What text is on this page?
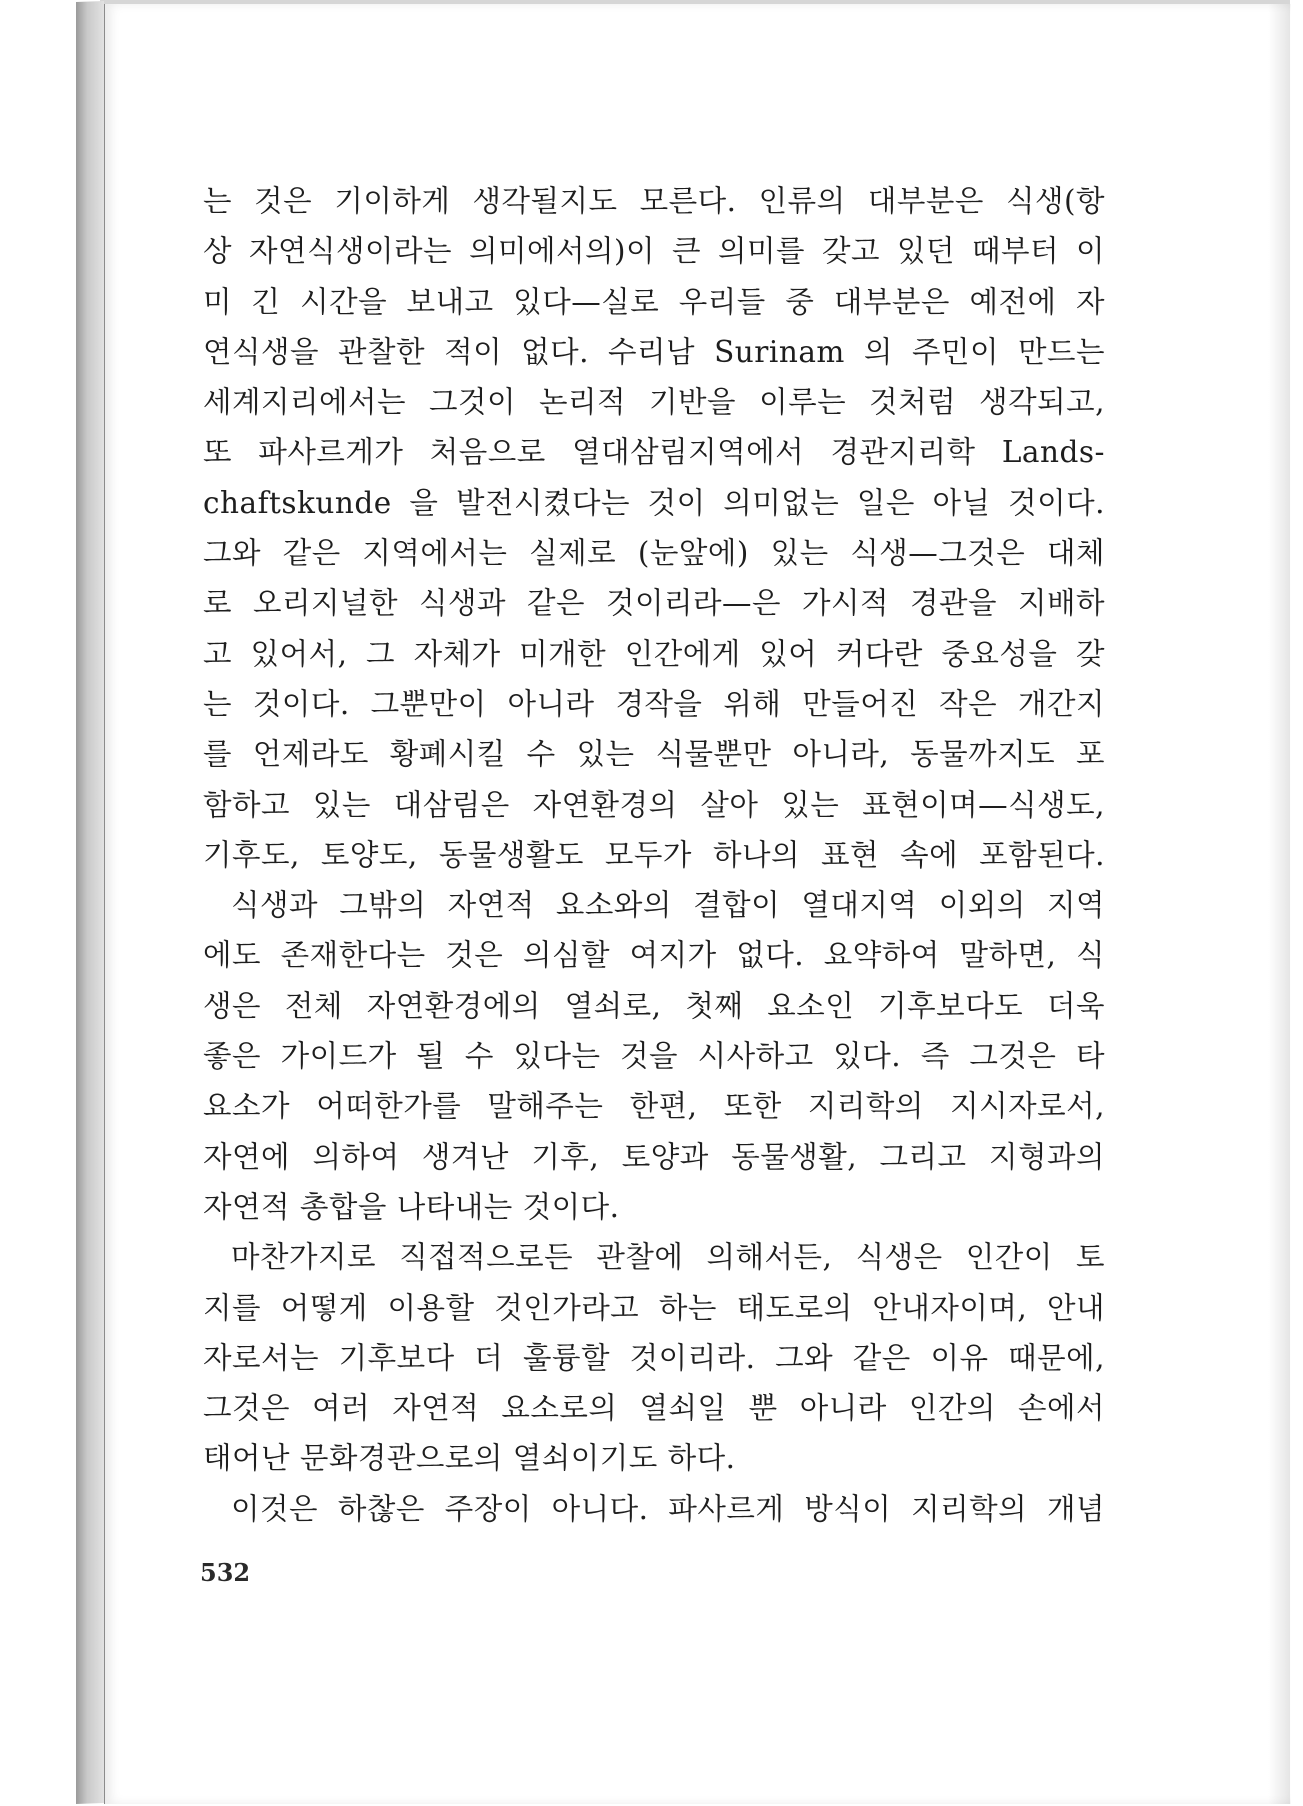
는 것은 기이하게 생각될지도 모른다. 인류의 대부분은 식생(항
상 자연식생이라는 의미에서의)이 큰 의미를 갖고 있던 때부터 이
미 긴 시간을 보내고 있다—실로 우리들 중 대부분은 예전에 자
연식생을 관찰한 적이 없다. 수리남 Surinam 의 주민이 만드는
세계지리에서는 그것이 논리적 기반을 이루는 것처럼 생각되고,
또 파사르게가 처음으로 열대삼림지역에서 경관지리학 Lands-
chaftskunde 을 발전시켰다는 것이 의미없는 일은 아닐 것이다.
그와 같은 지역에서는 실제로 (눈앞에) 있는 식생—그것은 대체
로 오리지널한 식생과 같은 것이리라—은 가시적 경관을 지배하
고 있어서, 그 자체가 미개한 인간에게 있어 커다란 중요성을 갖
는 것이다. 그뿐만이 아니라 경작을 위해 만들어진 작은 개간지
를 언제라도 황폐시킬 수 있는 식물뿐만 아니라, 동물까지도 포
함하고 있는 대삼림은 자연환경의 살아 있는 표현이며—식생도,
기후도, 토양도, 동물생활도 모두가 하나의 표현 속에 포함된다.
식생과 그밖의 자연적 요소와의 결합이 열대지역 이외의 지역
에도 존재한다는 것은 의심할 여지가 없다. 요약하여 말하면, 식
생은 전체 자연환경에의 열쇠로, 첫째 요소인 기후보다도 더욱
좋은 가이드가 될 수 있다는 것을 시사하고 있다. 즉 그것은 타
요소가 어떠한가를 말해주는 한편, 또한 지리학의 지시자로서,
자연에 의하여 생겨난 기후, 토양과 동물생활, 그리고 지형과의
자연적 총합을 나타내는 것이다.
마찬가지로 직접적으로든 관찰에 의해서든, 식생은 인간이 토
지를 어떻게 이용할 것인가라고 하는 태도로의 안내자이며, 안내
자로서는 기후보다 더 훌륭할 것이리라. 그와 같은 이유 때문에,
그것은 여러 자연적 요소로의 열쇠일 뿐 아니라 인간의 손에서
태어난 문화경관으로의 열쇠이기도 하다.
이것은 하찮은 주장이 아니다. 파사르게 방식이 지리학의 개념
532
